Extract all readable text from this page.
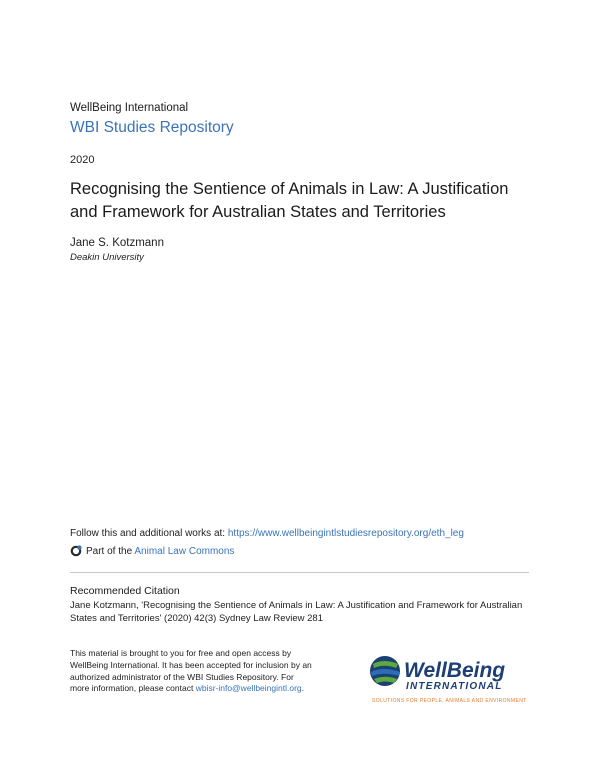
WellBeing International
WBI Studies Repository
2020
Recognising the Sentience of Animals in Law: A Justification and Framework for Australian States and Territories
Jane S. Kotzmann
Deakin University
Follow this and additional works at: https://www.wellbeingintlstudiesrepository.org/eth_leg
Part of the Animal Law Commons
Recommended Citation
Jane Kotzmann, 'Recognising the Sentience of Animals in Law: A Justification and Framework for Australian States and Territories' (2020) 42(3) Sydney Law Review 281
This material is brought to you for free and open access by WellBeing International. It has been accepted for inclusion by an authorized administrator of the WBI Studies Repository. For more information, please contact wbisr-info@wellbeingintl.org.
WellBeing
INTERNATIONAL
SOLUTIONS FOR PEOPLE, ANIMALS AND ENVIRONMENT
